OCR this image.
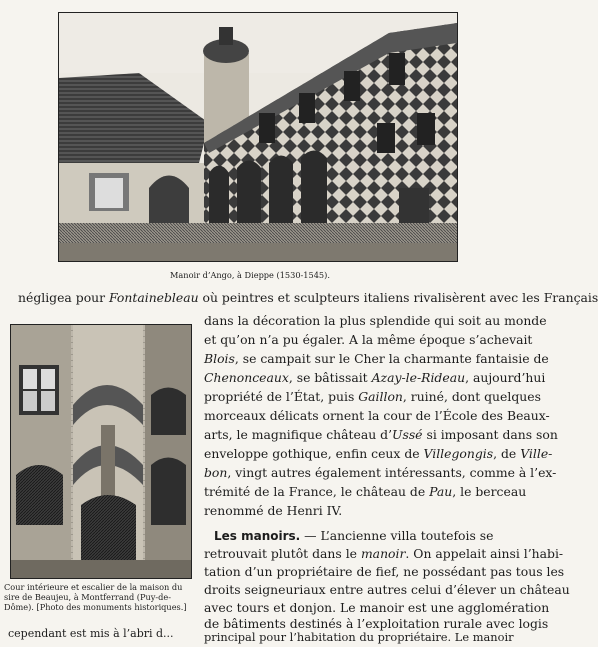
Manoir d’Ango, à Dieppe (1530-1545).
Cour intérieure et escalier de la maison du
sire de Beaujeu, à Montferrand (Puy-de-
Dôme). [Photo des monuments historiques.]
négligea pour Fontainebleau où peintres et sculpteurs italiens rivalisèrent avec les Français
dans la décoration la plus splendide qui soit au monde
et qu’on n’a pu égaler. A la même époque s’achevait
Blois, se campait sur le Cher la charmante fantaisie de
Chenonceaux, se bâtissait Azay-le-Rideau, aujourd’hui
propriété de l’État, puis Gaillon, ruiné, dont quelques
morceaux délicats ornent la cour de l’École des Beaux-
arts, le magnifique château d’Ussé si imposant dans son
enveloppe gothique, enfin ceux de Villegongis, de Ville-
bon, vingt autres également intéressants, comme à l’ex-
trémité de la France, le château de Pau, le berceau
renommé de Henri IV.
Les manoirs. — L’ancienne villa toutefois se
retrouvait plutôt dans le manoir. On appelait ainsi l’habi-
tation d’un propriétaire de fief, ne possédant pas tous les
droits seigneuriaux entre autres celui d’élever un château
avec tours et donjon. Le manoir est une agglomération
de bâtiments destinés à l’exploitation rurale avec logis
principal pour l’habitation du propriétaire. Le manoir
cependant est mis à l’abri d...
